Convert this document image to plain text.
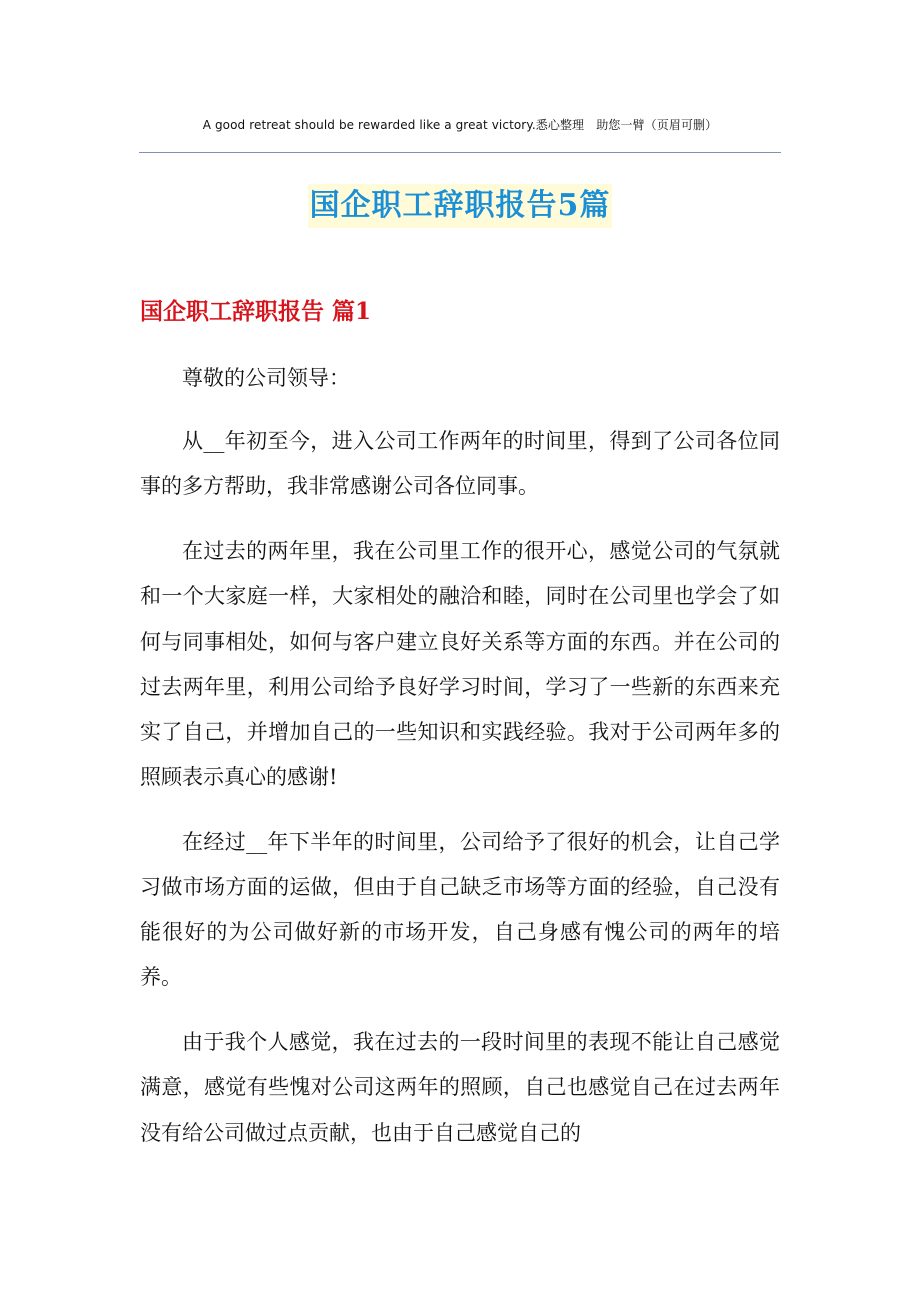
A good retreat should be rewarded like a great victory.悉心整理　助您一臂（页眉可删）
国企职工辞职报告5篇
国企职工辞职报告 篇1

尊敬的公司领导：

从__年初至今，进入公司工作两年的时间里，得到了公司各位同事的多方帮助，我非常感谢公司各位同事。

在过去的两年里，我在公司里工作的很开心，感觉公司的气氛就和一个大家庭一样，大家相处的融洽和睦，同时在公司里也学会了如何与同事相处，如何与客户建立良好关系等方面的东西。并在公司的过去两年里，利用公司给予良好学习时间，学习了一些新的东西来充实了自己，并增加自己的一些知识和实践经验。我对于公司两年多的照顾表示真心的感谢!

在经过__年下半年的时间里，公司给予了很好的机会，让自己学习做市场方面的运做，但由于自己缺乏市场等方面的经验，自己没有能很好的为公司做好新的市场开发，自己身感有愧公司的两年的培养。

由于我个人感觉，我在过去的一段时间里的表现不能让自己感觉满意，感觉有些愧对公司这两年的照顾，自己也感觉自己在过去两年没有给公司做过点贡献，也由于自己感觉自己的
